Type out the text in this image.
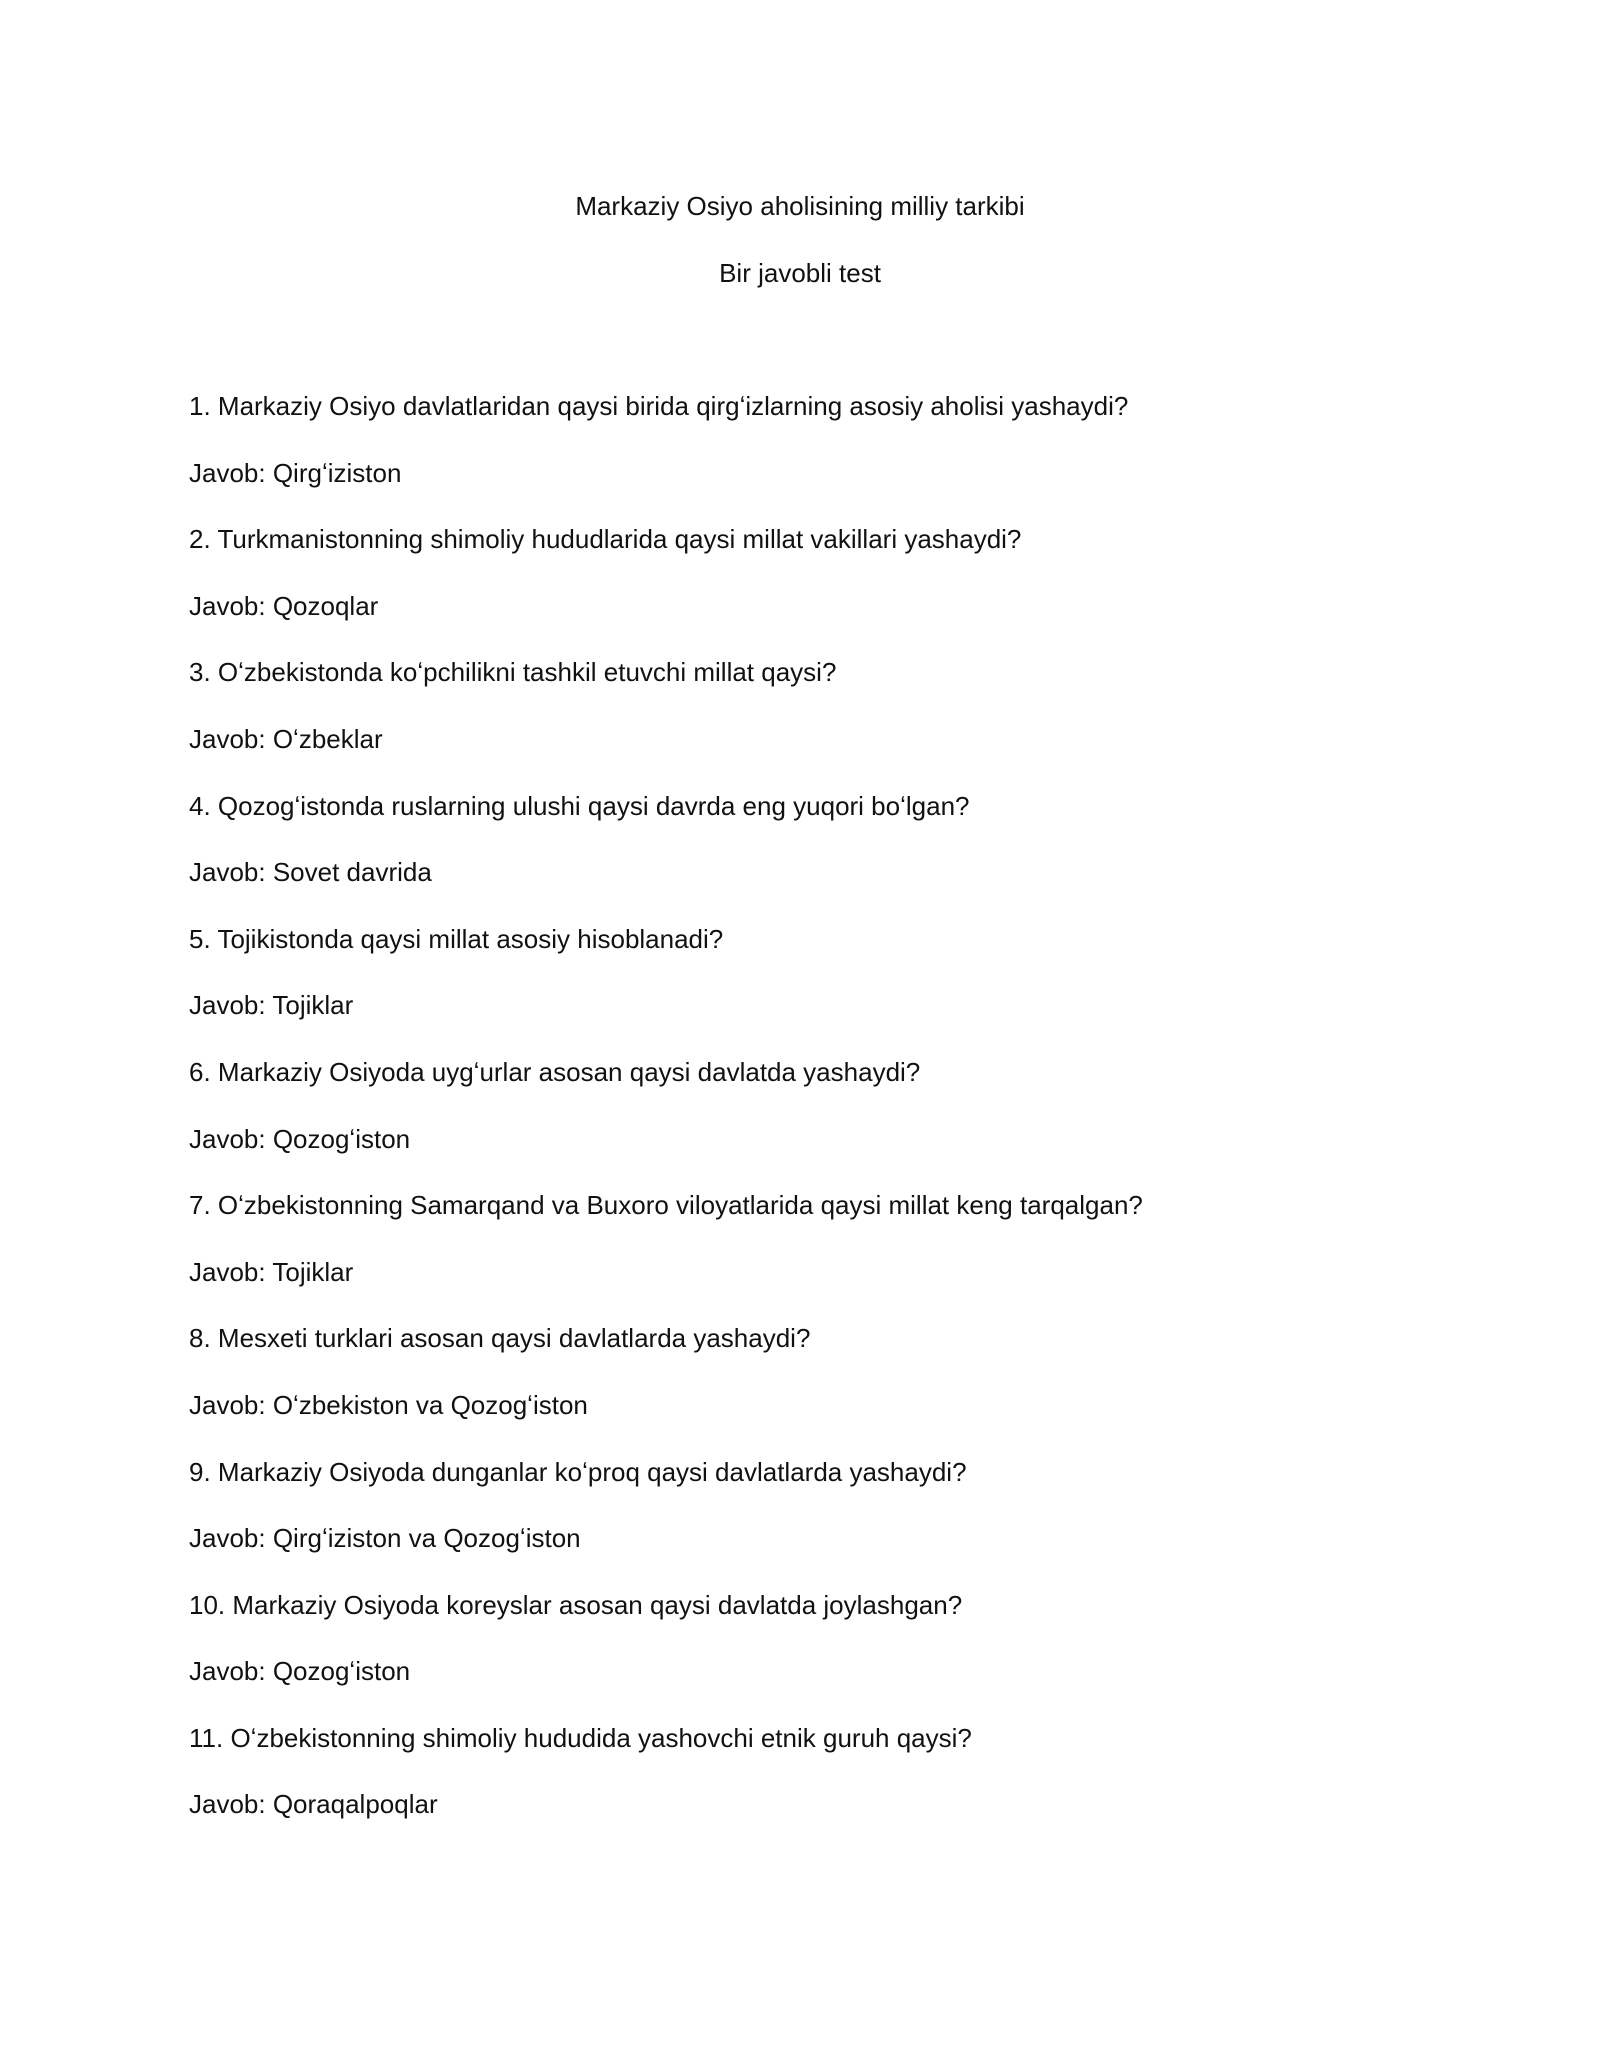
Markaziy Osiyo aholisining milliy tarkibi
Bir javobli test
1. Markaziy Osiyo davlatlaridan qaysi birida qirgʻizlarning asosiy aholisi yashaydi?
Javob: Qirgʻiziston
2. Turkmanistonning shimoliy hududlarida qaysi millat vakillari yashaydi?
Javob: Qozoqlar
3. Oʻzbekistonda koʻpchilikni tashkil etuvchi millat qaysi?
Javob: Oʻzbeklar
4. Qozogʻistonda ruslarning ulushi qaysi davrda eng yuqori boʻlgan?
Javob: Sovet davrida
5. Tojikistonda qaysi millat asosiy hisoblanadi?
Javob: Tojiklar
6. Markaziy Osiyoda uygʻurlar asosan qaysi davlatda yashaydi?
Javob: Qozogʻiston
7. Oʻzbekistonning Samarqand va Buxoro viloyatlarida qaysi millat keng tarqalgan?
Javob: Tojiklar
8. Mesxeti turklari asosan qaysi davlatlarda yashaydi?
Javob: Oʻzbekiston va Qozogʻiston
9. Markaziy Osiyoda dunganlar koʻproq qaysi davlatlarda yashaydi?
Javob: Qirgʻiziston va Qozogʻiston
10. Markaziy Osiyoda koreyslar asosan qaysi davlatda joylashgan?
Javob: Qozogʻiston
11. Oʻzbekistonning shimoliy hududida yashovchi etnik guruh qaysi?
Javob: Qoraqalpoqlar
